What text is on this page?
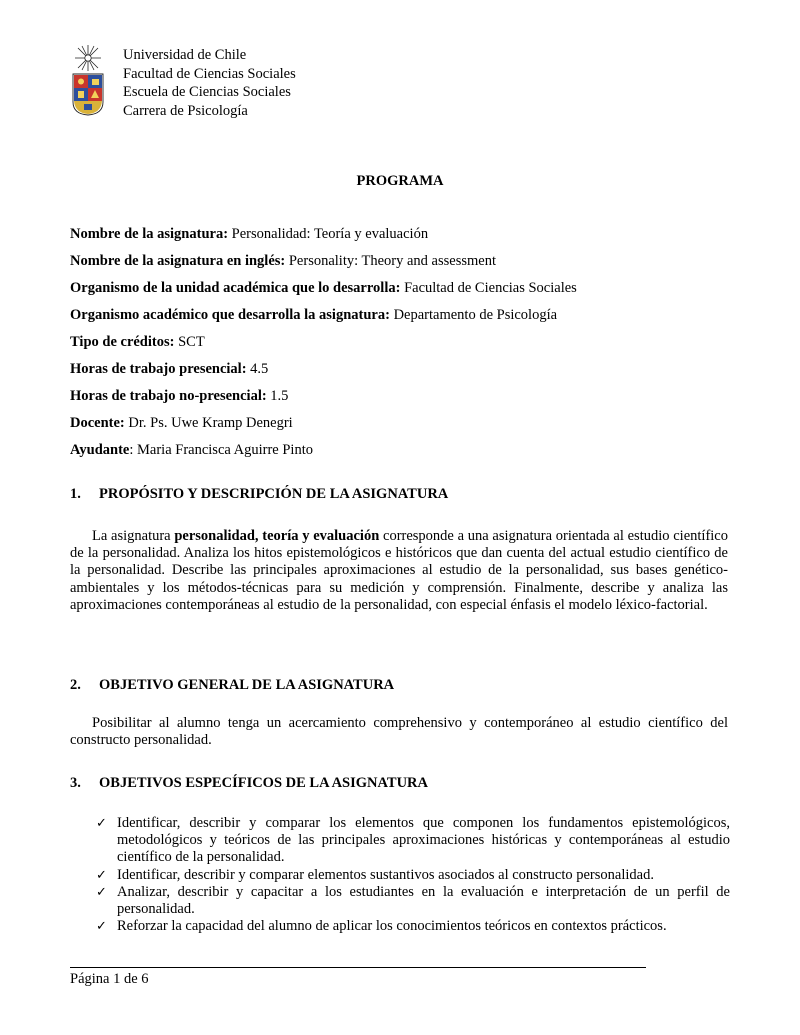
Universidad de Chile
Facultad de Ciencias Sociales
Escuela de Ciencias Sociales
Carrera de Psicología
PROGRAMA
Nombre de la asignatura: Personalidad: Teoría y evaluación
Nombre de la asignatura en inglés: Personality: Theory and assessment
Organismo de la unidad académica que lo desarrolla: Facultad de Ciencias Sociales
Organismo académico que desarrolla la asignatura: Departamento de Psicología
Tipo de créditos: SCT
Horas de trabajo presencial: 4.5
Horas de trabajo no-presencial: 1.5
Docente: Dr. Ps. Uwe Kramp Denegri
Ayudante: Maria Francisca Aguirre Pinto
1. PROPÓSITO Y DESCRIPCIÓN DE LA ASIGNATURA
La asignatura personalidad, teoría y evaluación corresponde a una asignatura orientada al estudio científico de la personalidad. Analiza los hitos epistemológicos e históricos que dan cuenta del actual estudio científico de la personalidad. Describe las principales aproximaciones al estudio de la personalidad, sus bases genético-ambientales y los métodos-técnicas para su medición y comprensión. Finalmente, describe y analiza las aproximaciones contemporáneas al estudio de la personalidad, con especial énfasis el modelo léxico-factorial.
2. OBJETIVO GENERAL DE LA ASIGNATURA
Posibilitar al alumno tenga un acercamiento comprehensivo y contemporáneo al estudio científico del constructo personalidad.
3. OBJETIVOS ESPECÍFICOS DE LA ASIGNATURA
✓ Identificar, describir y comparar los elementos que componen los fundamentos epistemológicos, metodológicos y teóricos de las principales aproximaciones históricas y contemporáneas al estudio científico de la personalidad.
✓ Identificar, describir y comparar elementos sustantivos asociados al constructo personalidad.
✓ Analizar, describir y capacitar a los estudiantes en la evaluación e interpretación de un perfil de personalidad.
✓ Reforzar la capacidad del alumno de aplicar los conocimientos teóricos en contextos prácticos.
Página 1 de 6
